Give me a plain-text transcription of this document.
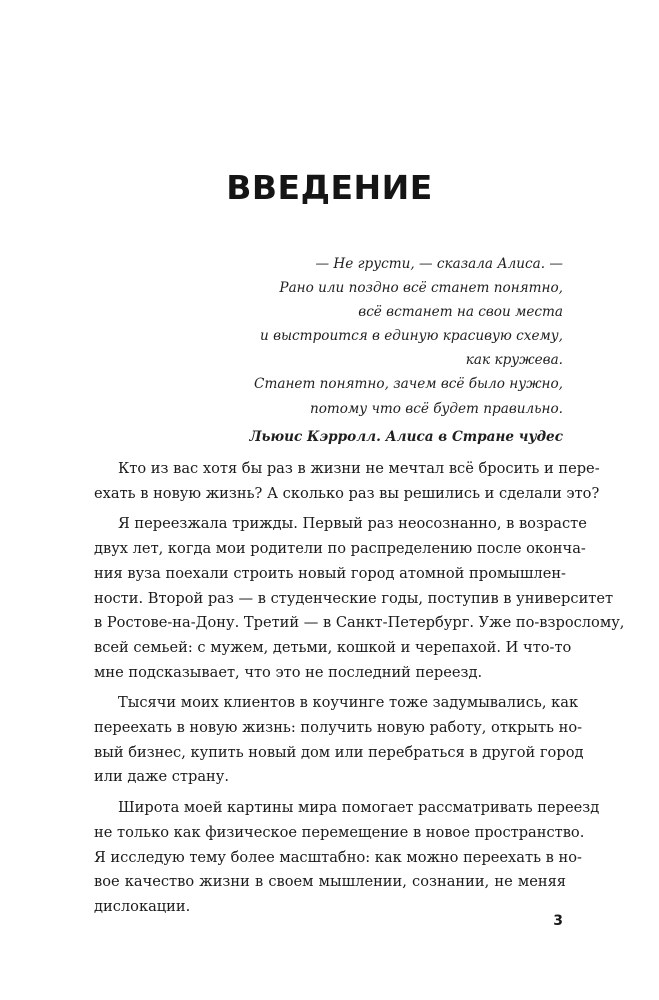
ВВЕДЕНИЕ
— Не грусти, — сказала Алиса. —
Рано или поздно всё станет понятно,
всё встанет на свои места
и выстроится в единую красивую схему,
как кружева.
Станет понятно, зачем всё было нужно,
потому что всё будет правильно.
Льюис Кэрролл. Алиса в Стране чудес

Кто из вас хотя бы раз в жизни не мечтал всё бросить и пере-
ехать в новую жизнь? А сколько раз вы решились и сделали это?

Я переезжала трижды. Первый раз неосознанно, в возрасте
двух лет, когда мои родители по распределению после оконча-
ния вуза поехали строить новый город атомной промышлен-
ности. Второй раз — в студенческие годы, поступив в университет
в Ростове-на-Дону. Третий — в Санкт-Петербург. Уже по-взрослому,
всей семьей: с мужем, детьми, кошкой и черепахой. И что-то
мне подсказывает, что это не последний переезд.

Тысячи моих клиентов в коучинге тоже задумывались, как
переехать в новую жизнь: получить новую работу, открыть но-
вый бизнес, купить новый дом или перебраться в другой город
или даже страну.

Широта моей картины мира помогает рассматривать переезд
не только как физическое перемещение в новое пространство.
Я исследую тему более масштабно: как можно переехать в но-
вое качество жизни в своем мышлении, сознании, не меняя
дислокации.

3
